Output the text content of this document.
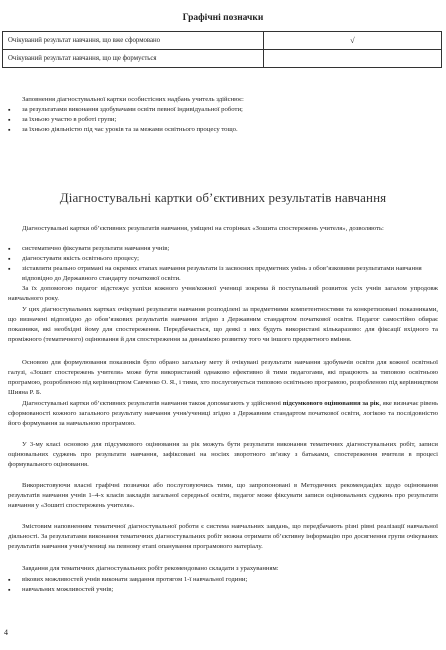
Графічні позначки
Очікуваний результат навчання, що вже сформовано	√
Очікуваний результат навчання, що ще формується	

Заповнення діагностувальної картки особистісних надбань учитель здійснює:

▪ за результатами виконання здобувачами освіти певної індивідуальної роботи;

▪ за їхньою участю в роботі групи;

▪ за їхньою діяльністю під час уроків та за межами освітнього процесу тощо.

Діагностувальні картки об’єктивних результатів навчання

Діагностувальні картки об’єктивних результатів навчання, уміщені на сторінках «Зошита спостережень учителя», дозволяють:

▪ систематично фіксувати результати навчання учнів;

▪ діагностувати якість освітнього процесу;

▪ зіставляти реально отримані на окремих етапах навчання результати із засвоєних предметних умінь з обов’язковими результатами навчання відповідно до Державного стандарту початкової освіти.

За їх допомогою педагог відстежує успіхи кожного учня/кожної учениці зокрема й поступальний розвиток усіх учнів загалом упродовж навчального року.

У цих діагностувальних картках очікувані результати навчання розподілені за предметними компетентностями та конкретизовані показниками, що визначені відповідно до обов’язкових результатів навчання згідно з Державним стандартом початкової освіти. Педагог самостійно обирає показники, які необхідні йому для спостереження. Передбачається, що деякі з них будуть використані кількаразово: для фіксації вхідного та проміжного (тематичного) оцінювання й для спостереження за динамікою розвитку того чи іншого предметного вміння.

Основою для формулювання показників було обрано загальну мету й очікувані результати навчання здобувачів освіти для кожної освітньої галузі, «Зошит спостережень учителя» може бути використаний однаково ефективно й тими педагогами, які працюють за типовою освітньою програмою, розробленою під керівництвом Савченко О. Я., і тими, хто послуговується типовою освітньою програмою, розробленою під керівництвом Шияна Р. Б.

Діагностувальні картки об’єктивних результатів навчання також допомагають у здійсненні підсумкового оцінювання за рік, яке визначає рівень сформованості кожного загального результату навчання учня/учениці згідно з Державним стандартом початкової освіти, логікою та послідовністю його формування за навчальною програмою.

У 3-му класі основою для підсумкового оцінювання за рік можуть бути результати виконання тематичних діагностувальних робіт, записи оцінювальних суджень про результати навчання, зафіксовані на носіях зворотного зв’язку з батьками, спостереження вчителя в процесі формувального оцінювання.

Використовуючи власні графічні позначки або послуговуючись тими, що запропоновані в Методичних рекомендаціях щодо оцінювання результатів навчання учнів 1–4-х класів закладів загальної середньої освіти, педагог може фіксувати записи оцінювальних суджень про результати навчання у «Зошиті спостережень учителя».

Змістовим наповненням тематичної діагностувальної роботи є система навчальних завдань, що передбачають різні рівні реалізації навчальної діяльності. За результатами виконання тематичних діагностувальних робіт можна отримати об’єктивну інформацію про досягнення групи очікуваних результатів навчання учня/учениці на певному етапі опанування програмового матеріалу.

Завдання для тематичних діагностувальних робіт рекомендовано складати з урахуванням:

▪ вікових можливостей учнів виконати завдання протягом 1-ї навчальної години;

▪ навчальних можливостей учнів;

4
